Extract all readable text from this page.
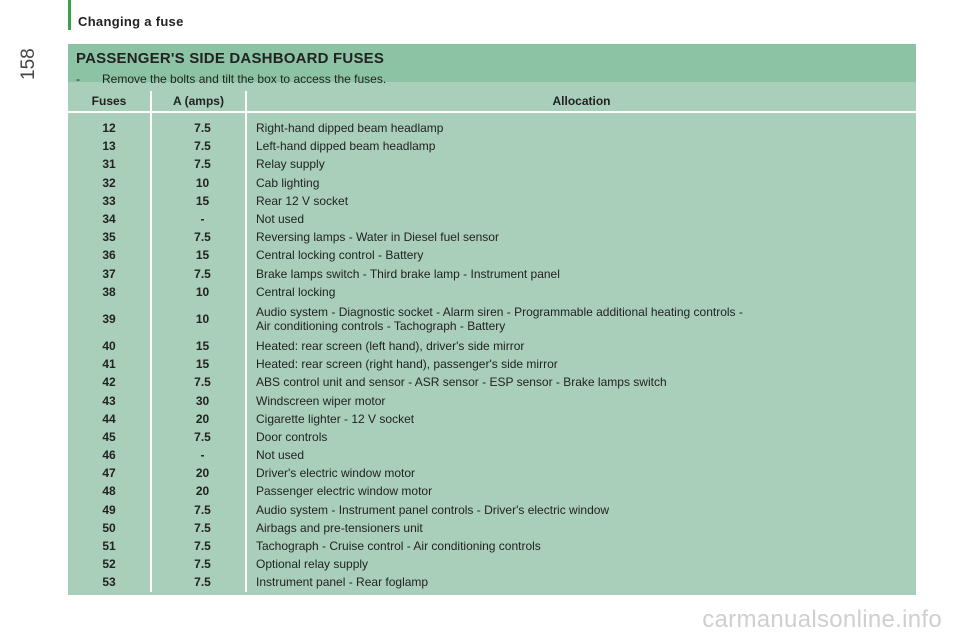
Changing a fuse
158 PASSENGER'S SIDE DASHBOARD FUSES
- Remove the bolts and tilt the box to access the fuses.
Fuses	A (amps)	Allocation
12	7.5	Right-hand dipped beam headlamp

13	7.5	Left-hand dipped beam headlamp

31	7.5	Relay supply

32	10	Cab lighting

33	15	Rear 12 V socket

34	-	Not used

35	7.5	Reversing lamps - Water in Diesel fuel sensor

36	15	Central locking control - Battery

37	7.5	Brake lamps switch - Third brake lamp - Instrument panel

38	10	Central locking

39	10	Audio system - Diagnostic socket - Alarm siren - Programmable additional heating controls -
Air conditioning controls - Tachograph - Battery

40	15	Heated: rear screen (left hand), driver's side mirror

41	15	Heated: rear screen (right hand), passenger's side mirror

42	7.5	ABS control unit and sensor - ASR sensor - ESP sensor - Brake lamps switch

43	30	Windscreen wiper motor

44	20	Cigarette lighter - 12 V socket

45	7.5	Door controls

46	-	Not used

47	20	Driver's electric window motor

48	20	Passenger electric window motor

49	7.5	Audio system - Instrument panel controls - Driver's electric window

50	7.5	Airbags and pre-tensioners unit

51	7.5	Tachograph - Cruise control - Air conditioning controls

52	7.5	Optional relay supply

53	7.5	Instrument panel - Rear foglamp
carmanualsonline.info
